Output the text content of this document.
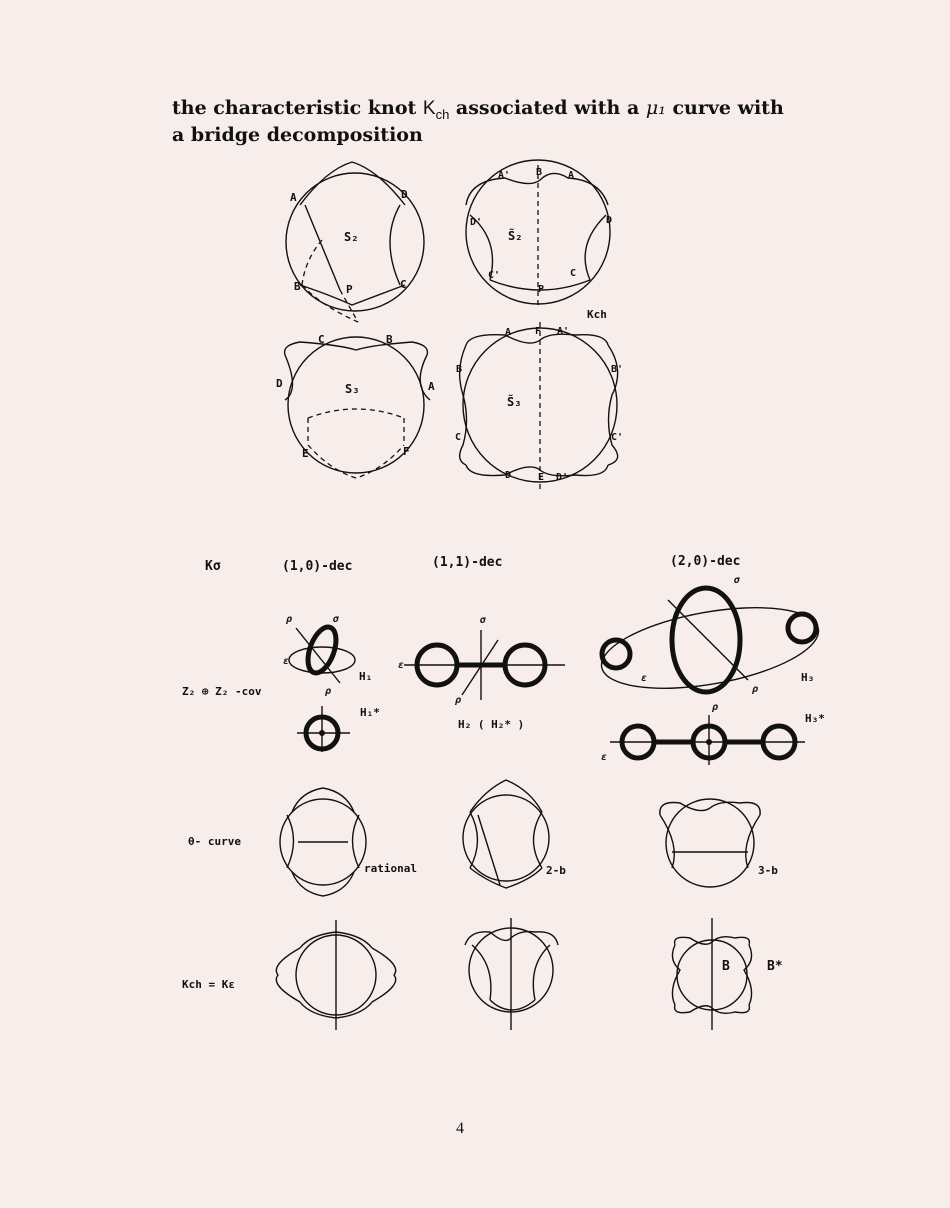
the characteristic knot $K_{ch}$ associated with a μ₁ curve with
a bridge decomposition
A	D
S₂
B	P	C
A'	B	A
D'	D
S̃₂
C'	C
P
Kch
C	B
D	S₃	A
E	F
A F A'
B	B'
S̃₃
C	C'
D	E D'
Kσ	(1,0)-dec	(1,1)-dec	(2,0)-dec
Z₂ ⊕ Z₂ -cov
ρ	σ
ε
H₁
ρ
H₁*
σ
ε
ρ
H₂ ( H₂* )
σ
ε
ρ
H₃
ρ
ε
H₃*
θ- curve
rational	2-b	3-b
Kch = Kε
B	B*
4
